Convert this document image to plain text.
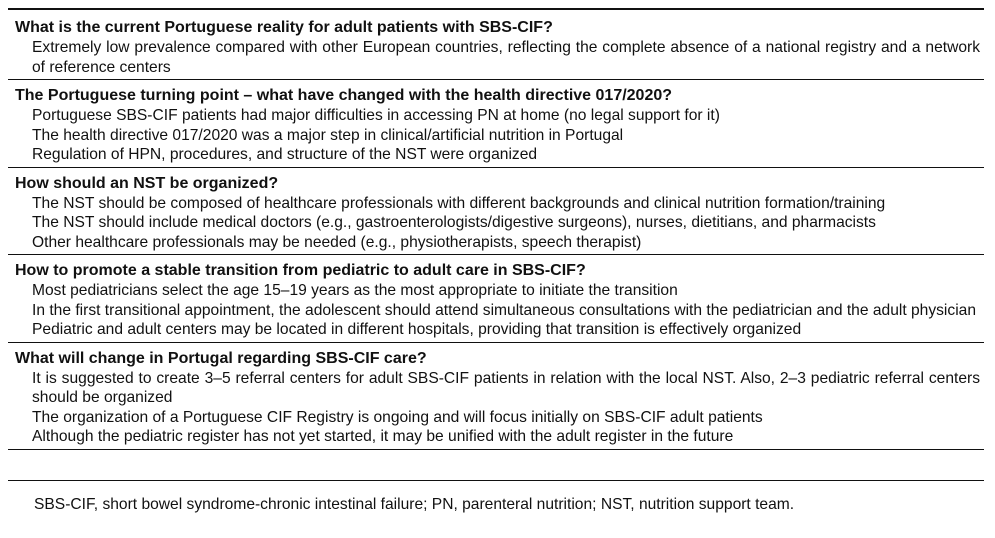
What is the current Portuguese reality for adult patients with SBS-CIF?
Extremely low prevalence compared with other European countries, reflecting the complete absence of a national registry and a network of reference centers
The Portuguese turning point – what have changed with the health directive 017/2020?
Portuguese SBS-CIF patients had major difficulties in accessing PN at home (no legal support for it)
The health directive 017/2020 was a major step in clinical/artificial nutrition in Portugal
Regulation of HPN, procedures, and structure of the NST were organized
How should an NST be organized?
The NST should be composed of healthcare professionals with different backgrounds and clinical nutrition formation/training
The NST should include medical doctors (e.g., gastroenterologists/digestive surgeons), nurses, dietitians, and pharmacists
Other healthcare professionals may be needed (e.g., physiotherapists, speech therapist)
How to promote a stable transition from pediatric to adult care in SBS-CIF?
Most pediatricians select the age 15–19 years as the most appropriate to initiate the transition
In the first transitional appointment, the adolescent should attend simultaneous consultations with the pediatrician and the adult physician
Pediatric and adult centers may be located in different hospitals, providing that transition is effectively organized
What will change in Portugal regarding SBS-CIF care?
It is suggested to create 3–5 referral centers for adult SBS-CIF patients in relation with the local NST. Also, 2–3 pediatric referral centers should be organized
The organization of a Portuguese CIF Registry is ongoing and will focus initially on SBS-CIF adult patients
Although the pediatric register has not yet started, it may be unified with the adult register in the future
SBS-CIF, short bowel syndrome-chronic intestinal failure; PN, parenteral nutrition; NST, nutrition support team.
